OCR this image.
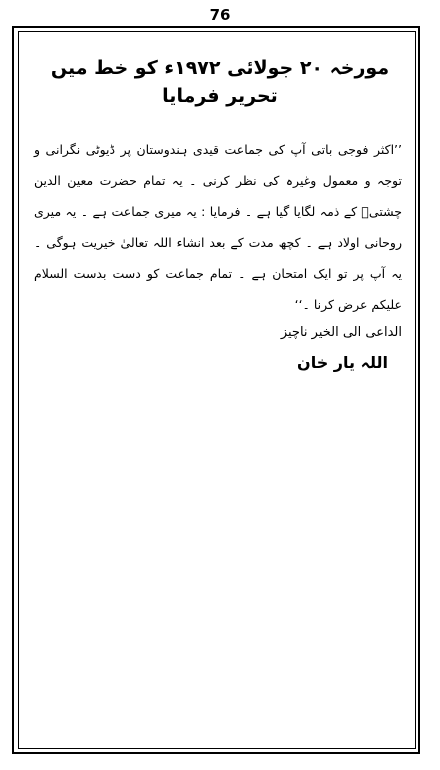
76
مورخہ ۲۰ جولائی ۱۹۷۲ء کو خط میں تحریر فرمایا

’’اکثر فوجی باتی آپ کی جماعت قیدی ہندوستان پر ڈیوٹی نگرانی و توجہ و معمول وغیرہ کی نظر کرنی ۔ یہ تمام حضرت معین الدین چشتیؒ کے ذمہ لگایا گیا ہے ۔ فرمایا : یہ میری جماعت ہے ۔ یہ میری روحانی اولاد ہے ۔ کچھ مدت کے بعد انشاء اللہ تعالیٰ خیریت ہوگی ۔ یہ آپ پر تو ایک امتحان ہے ۔ تمام جماعت کو دست بدست السلام علیکم عرض کرنا ۔‘‘

الداعی الی الخیر ناچیز
اللہ یار خان
